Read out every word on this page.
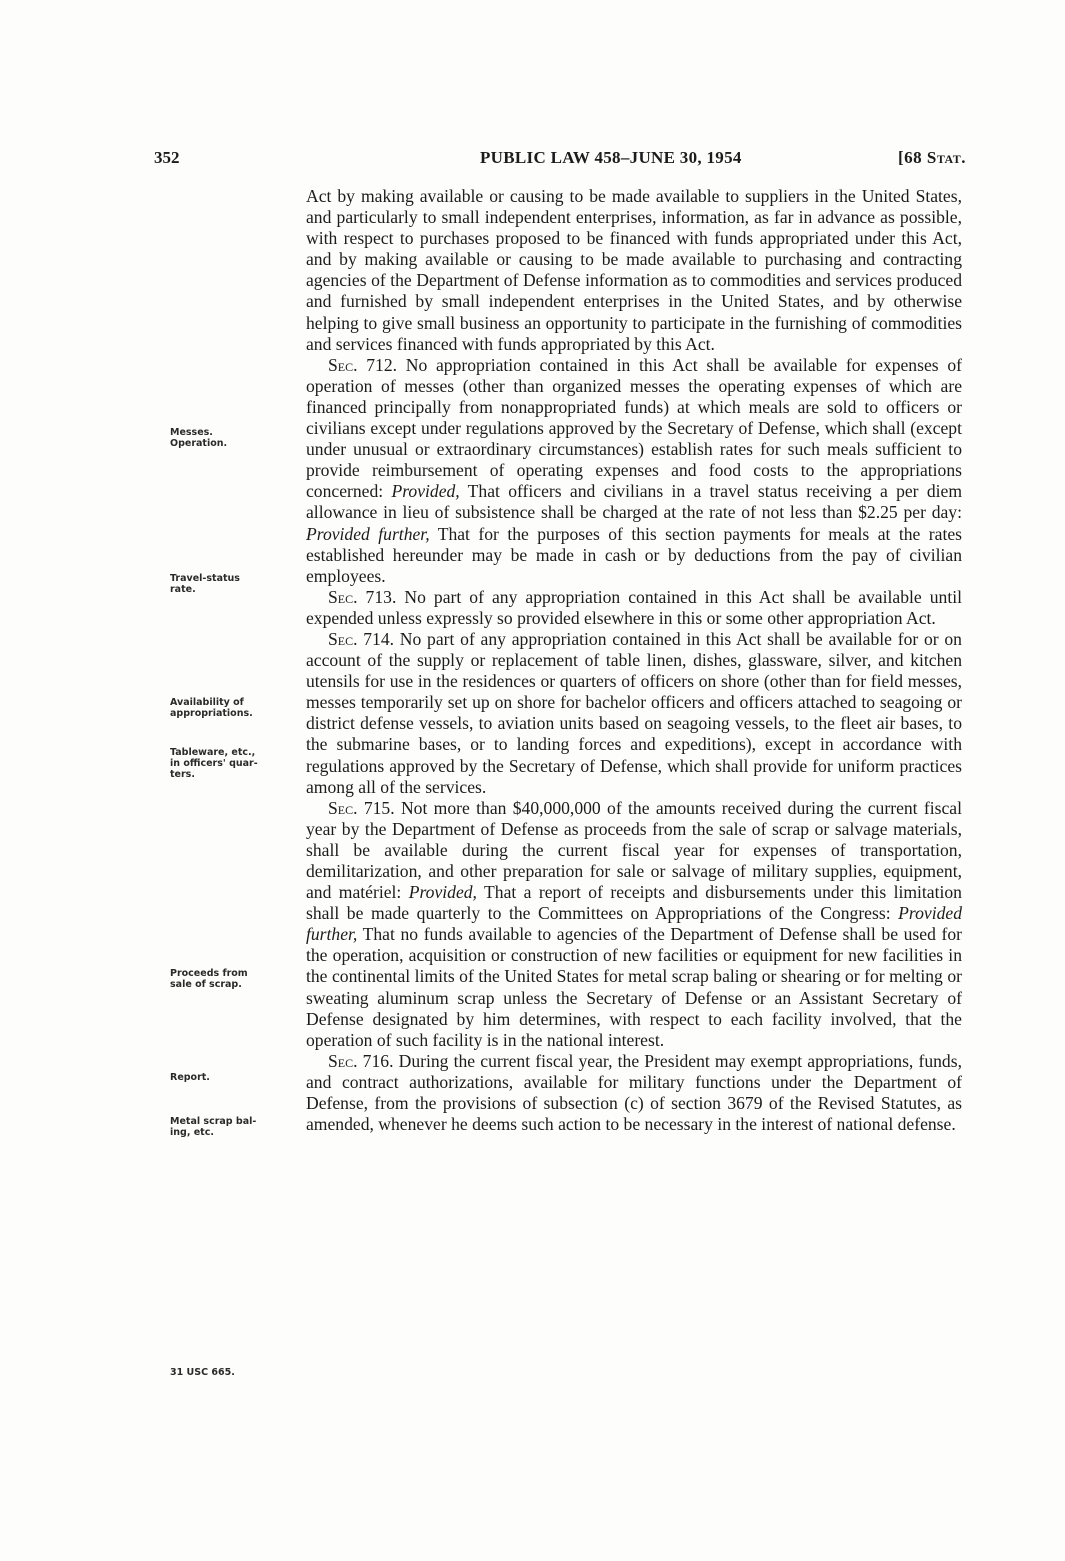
352	PUBLIC LAW 458–JUNE 30, 1954	[68 Stat.
Messes.
Operation.
Travel-status
rate.
Availability of
appropriations.
Tableware, etc.,
in officers' quar-
ters.
Proceeds from
sale of scrap.
Report.
Metal scrap bal-
ing, etc.
31 USC 665.

Act by making available or causing to be made available to suppliers in the United States, and particularly to small independent enterprises, information, as far in advance as possible, with respect to purchases proposed to be financed with funds appropriated under this Act, and by making available or causing to be made available to purchasing and contracting agencies of the Department of Defense information as to commodities and services produced and furnished by small independent enterprises in the United States, and by otherwise helping to give small business an opportunity to participate in the furnishing of commodities and services financed with funds appropriated by this Act.

Sec. 712. No appropriation contained in this Act shall be available for expenses of operation of messes (other than organized messes the operating expenses of which are financed principally from nonappropriated funds) at which meals are sold to officers or civilians except under regulations approved by the Secretary of Defense, which shall (except under unusual or extraordinary circumstances) establish rates for such meals sufficient to provide reimbursement of operating expenses and food costs to the appropriations concerned: Provided, That officers and civilians in a travel status receiving a per diem allowance in lieu of subsistence shall be charged at the rate of not less than $2.25 per day: Provided further, That for the purposes of this section payments for meals at the rates established hereunder may be made in cash or by deductions from the pay of civilian employees.

Sec. 713. No part of any appropriation contained in this Act shall be available until expended unless expressly so provided elsewhere in this or some other appropriation Act.

Sec. 714. No part of any appropriation contained in this Act shall be available for or on account of the supply or replacement of table linen, dishes, glassware, silver, and kitchen utensils for use in the residences or quarters of officers on shore (other than for field messes, messes temporarily set up on shore for bachelor officers and officers attached to seagoing or district defense vessels, to aviation units based on seagoing vessels, to the fleet air bases, to the submarine bases, or to landing forces and expeditions), except in accordance with regulations approved by the Secretary of Defense, which shall provide for uniform practices among all of the services.

Sec. 715. Not more than $40,000,000 of the amounts received during the current fiscal year by the Department of Defense as proceeds from the sale of scrap or salvage materials, shall be available during the current fiscal year for expenses of transportation, demilitarization, and other preparation for sale or salvage of military supplies, equipment, and matériel: Provided, That a report of receipts and disbursements under this limitation shall be made quarterly to the Committees on Appropriations of the Congress: Provided further, That no funds available to agencies of the Department of Defense shall be used for the operation, acquisition or construction of new facilities or equipment for new facilities in the continental limits of the United States for metal scrap baling or shearing or for melting or sweating aluminum scrap unless the Secretary of Defense or an Assistant Secretary of Defense designated by him determines, with respect to each facility involved, that the operation of such facility is in the national interest.

Sec. 716. During the current fiscal year, the President may exempt appropriations, funds, and contract authorizations, available for military functions under the Department of Defense, from the provisions of subsection (c) of section 3679 of the Revised Statutes, as amended, whenever he deems such action to be necessary in the interest of national defense.
